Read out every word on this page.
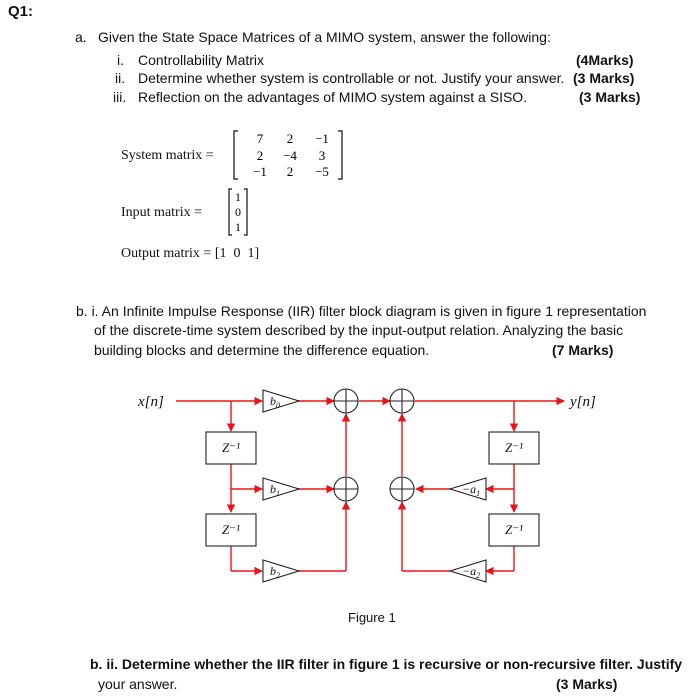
Q1:
a. Given the State Space Matrices of a MIMO system, answer the following:
i. Controllability Matrix	(4Marks)
ii. Determine whether system is controllable or not. Justify your answer. (3 Marks)
iii. Reflection on the advantages of MIMO system against a SISO.	(3 Marks)
System matrix =
7 2 −1
2 −4 3
−1 2 −5
Input matrix =
1
0
1
Output matrix = [1  0  1]
b. i. An Infinite Impulse Response (IIR) filter block diagram is given in figure 1 representation
of the discrete-time system described by the input-output relation. Analyzing the basic
building blocks and determine the difference equation.	(7 Marks)
x[n]	y[n]
Z⁻¹
Z⁻¹
Z⁻¹
Z⁻¹
$b_0$
$b_1$
$b_2$
$-a_1$
$-a_2$
Figure 1
b. ii. Determine whether the IIR filter in figure 1 is recursive or non-recursive filter. Justify
your answer.	(3 Marks)
